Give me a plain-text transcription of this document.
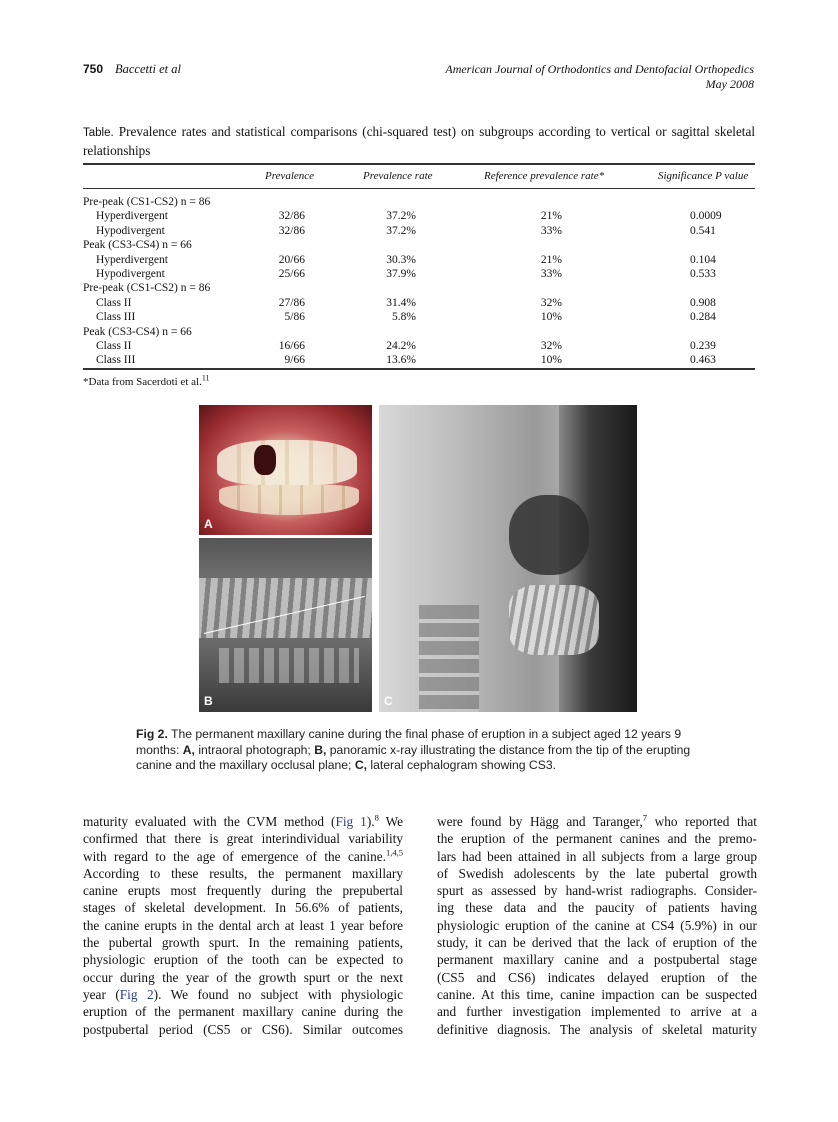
750 Baccetti et al	American Journal of Orthodontics and Dentofacial Orthopedics
May 2008
Table. Prevalence rates and statistical comparisons (chi-squared test) on subgroups according to vertical or sagittal skeletal relationships
Prevalence	Prevalence rate	Reference prevalence rate*	Significance P value
Pre-peak (CS1-CS2) n = 86
Hyperdivergent	32/86	37.2%	21%	0.0009
Hypodivergent	32/86	37.2%	33%	0.541
Peak (CS3-CS4) n = 66
Hyperdivergent	20/66	30.3%	21%	0.104
Hypodivergent	25/66	37.9%	33%	0.533
Pre-peak (CS1-CS2) n = 86
Class II	27/86	31.4%	32%	0.908
Class III	5/86	5.8%	10%	0.284
Peak (CS3-CS4) n = 66
Class II	16/66	24.2%	32%	0.239
Class III	9/66	13.6%	10%	0.463
*Data from Sacerdoti et al.$^{11}$
A
B	C
Fig 2. The permanent maxillary canine during the final phase of eruption in a subject aged 12 years 9 months: A, intraoral photograph; B, panoramic x-ray illustrating the distance from the tip of the erupting canine and the maxillary occlusal plane; C, lateral cephalogram showing CS3.
maturity evaluated with the CVM method (Fig 1).$^8$ We
confirmed that there is great interindividual variability
with regard to the age of emergence of the canine.$^{1,4,5}$
According to these results, the permanent maxillary
canine erupts most frequently during the prepubertal
stages of skeletal development. In 56.6% of patients,
the canine erupts in the dental arch at least 1 year before
the pubertal growth spurt. In the remaining patients,
physiologic eruption of the tooth can be expected to
occur during the year of the growth spurt or the next
year (Fig 2). We found no subject with physiologic
eruption of the permanent maxillary canine during the
postpubertal period (CS5 or CS6). Similar outcomes
were found by Hägg and Taranger,$^7$ who reported that
the eruption of the permanent canines and the premo-
lars had been attained in all subjects from a large group
of Swedish adolescents by the late pubertal growth
spurt as assessed by hand-wrist radiographs. Consider-
ing these data and the paucity of patients having
physiologic eruption of the canine at CS4 (5.9%) in our
study, it can be derived that the lack of eruption of the
permanent maxillary canine and a postpubertal stage
(CS5 and CS6) indicates delayed eruption of the
canine. At this time, canine impaction can be suspected
and further investigation implemented to arrive at a
definitive diagnosis. The analysis of skeletal maturity
